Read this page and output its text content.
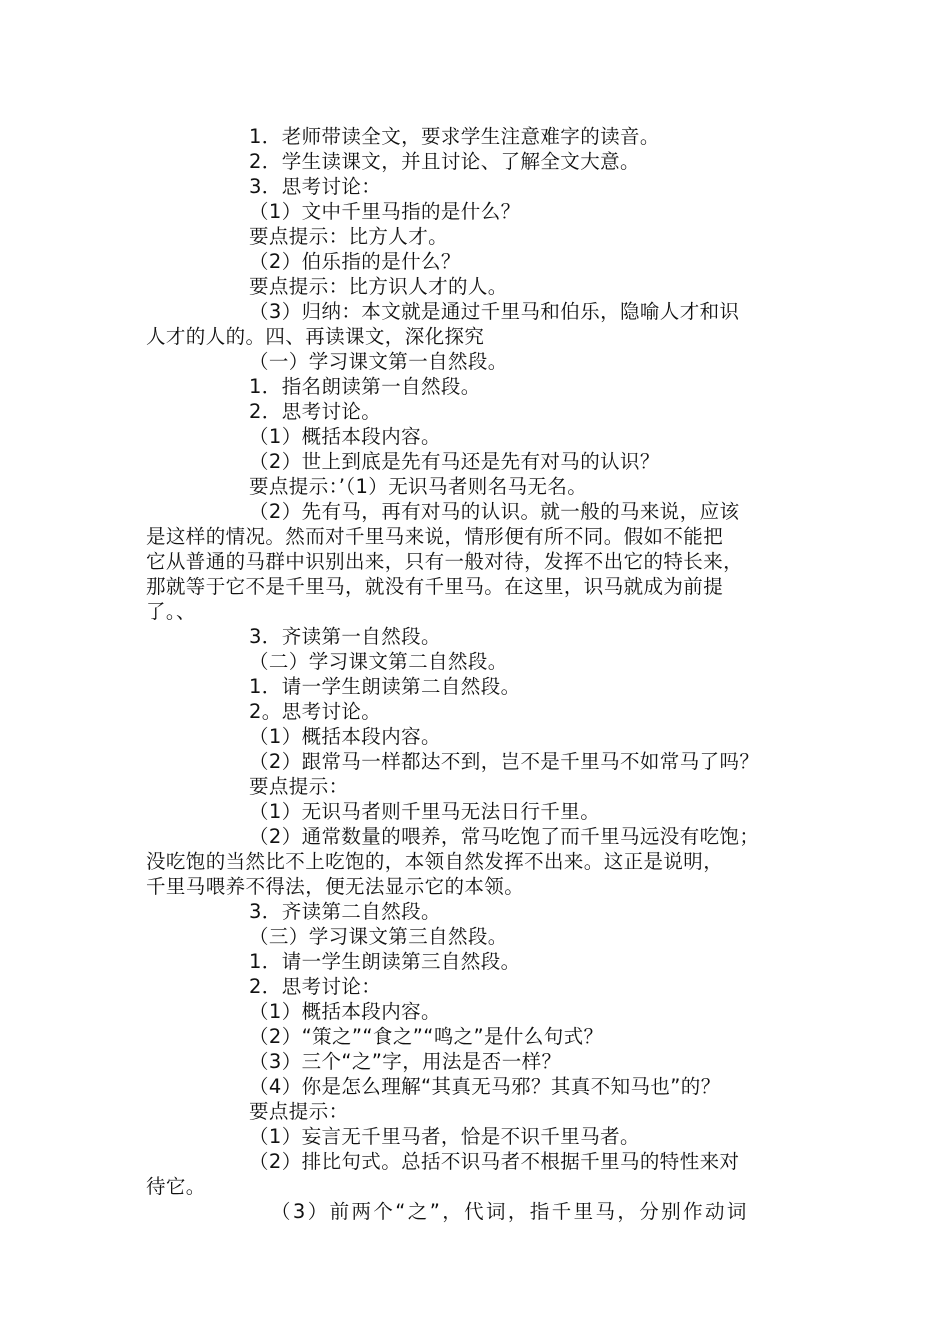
1．老师带读全文，要求学生注意难字的读音。
2．学生读课文，并且讨论、了解全文大意。
3．思考讨论：
（1）文中千里马指的是什么？
要点提示：比方人才。
（2）伯乐指的是什么？
要点提示：比方识人才的人。
（3）归纳：本文就是通过千里马和伯乐，隐喻人才和识
人才的人的。四、再读课文，深化探究
（一）学习课文第一自然段。
1．指名朗读第一自然段。
2．思考讨论。
（1）概括本段内容。
（2）世上到底是先有马还是先有对马的认识？
要点提示：’（1）无识马者则名马无名。
（2）先有马，再有对马的认识。就一般的马来说，应该
是这样的情况。然而对千里马来说，情形便有所不同。假如不能把
它从普通的马群中识别出来，只有一般对待，发挥不出它的特长来，
那就等于它不是千里马，就没有千里马。在这里，识马就成为前提
了。、
3．齐读第一自然段。
（二）学习课文第二自然段。
1．请一学生朗读第二自然段。
2。思考讨论。
（1）概括本段内容。
（2）跟常马一样都达不到，岂不是千里马不如常马了吗？
要点提示：
（1）无识马者则千里马无法日行千里。
（2）通常数量的喂养，常马吃饱了而千里马远没有吃饱；
没吃饱的当然比不上吃饱的，本领自然发挥不出来。这正是说明，
千里马喂养不得法，便无法显示它的本领。
3．齐读第二自然段。
（三）学习课文第三自然段。
1．请一学生朗读第三自然段。
2．思考讨论：
（1）概括本段内容。
（2）“策之”“食之”“鸣之”是什么句式？
（3）三个“之”字，用法是否一样？
（4）你是怎么理解“其真无马邪？其真不知马也”的？
要点提示：
（1）妄言无千里马者，恰是不识千里马者。
（2）排比句式。总括不识马者不根据千里马的特性来对
待它。
（3）前两个“之”，代词，指千里马，分别作动词
